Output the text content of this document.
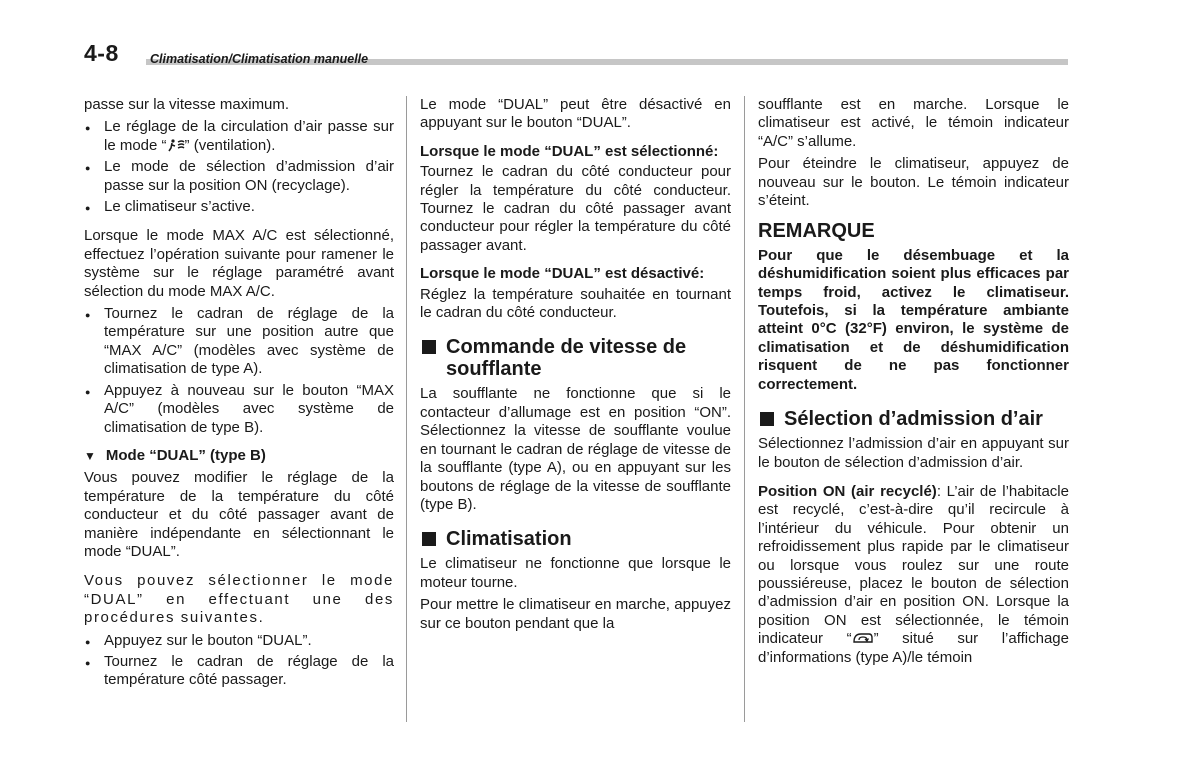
4-8	Climatisation/Climatisation manuelle
passe sur la vitesse maximum.
● Le réglage de la circulation d’air passe sur le mode “ ” (ventilation).
● Le mode de sélection d’admission d’air passe sur la position ON (recyclage).
● Le climatiseur s’active.
Lorsque le mode MAX A/C est sélectionné, effectuez l’opération suivante pour ramener le système sur le réglage paramétré avant sélection du mode MAX A/C.
● Tournez le cadran de réglage de la température sur une position autre que “MAX A/C” (modèles avec système de climatisation de type A).
● Appuyez à nouveau sur le bouton “MAX A/C” (modèles avec système de climatisation de type B).
▼ Mode “DUAL” (type B)
Vous pouvez modifier le réglage de la température de la température du côté conducteur et du côté passager avant de manière indépendante en sélectionnant le mode “DUAL”.
Vous pouvez sélectionner le mode “DUAL” en effectuant une des procédures suivantes.
● Appuyez sur le bouton “DUAL”.
● Tournez le cadran de réglage de la température côté passager.
Le mode “DUAL” peut être désactivé en appuyant sur le bouton “DUAL”.
Lorsque le mode “DUAL” est sélectionné:
Tournez le cadran du côté conducteur pour régler la température du côté conducteur. Tournez le cadran du côté passager avant conducteur pour régler la température du côté passager avant.
Lorsque le mode “DUAL” est désactivé:
Réglez la température souhaitée en tournant le cadran du côté conducteur.
Commande de vitesse de soufflante
La soufflante ne fonctionne que si le contacteur d’allumage est en position “ON”. Sélectionnez la vitesse de soufflante voulue en tournant le cadran de réglage de vitesse de la soufflante (type A), ou en appuyant sur les boutons de réglage de la vitesse de soufflante (type B).
Climatisation
Le climatiseur ne fonctionne que lorsque le moteur tourne.
Pour mettre le climatiseur en marche, appuyez sur ce bouton pendant que la
soufflante est en marche. Lorsque le climatiseur est activé, le témoin indicateur “A/C” s’allume.
Pour éteindre le climatiseur, appuyez de nouveau sur le bouton. Le témoin indicateur s’éteint.
REMARQUE
Pour que le désembuage et la déshumidification soient plus efficaces par temps froid, activez le climatiseur. Toutefois, si la température ambiante atteint 0°C (32°F) environ, le système de climatisation et de déshumidification risquent de ne pas fonctionner correctement.
Sélection d’admission d’air
Sélectionnez l’admission d’air en appuyant sur le bouton de sélection d’admission d’air.
Position ON (air recyclé): L’air de l’habitacle est recyclé, c’est-à-dire qu’il recircule à l’intérieur du véhicule. Pour obtenir un refroidissement plus rapide par le climatiseur ou lorsque vous roulez sur une route poussiéreuse, placez le bouton de sélection d’admission d’air en position ON. Lorsque la position ON est sélectionnée, le témoin indicateur “ ” situé sur l’affichage d’informations (type A)/le témoin
